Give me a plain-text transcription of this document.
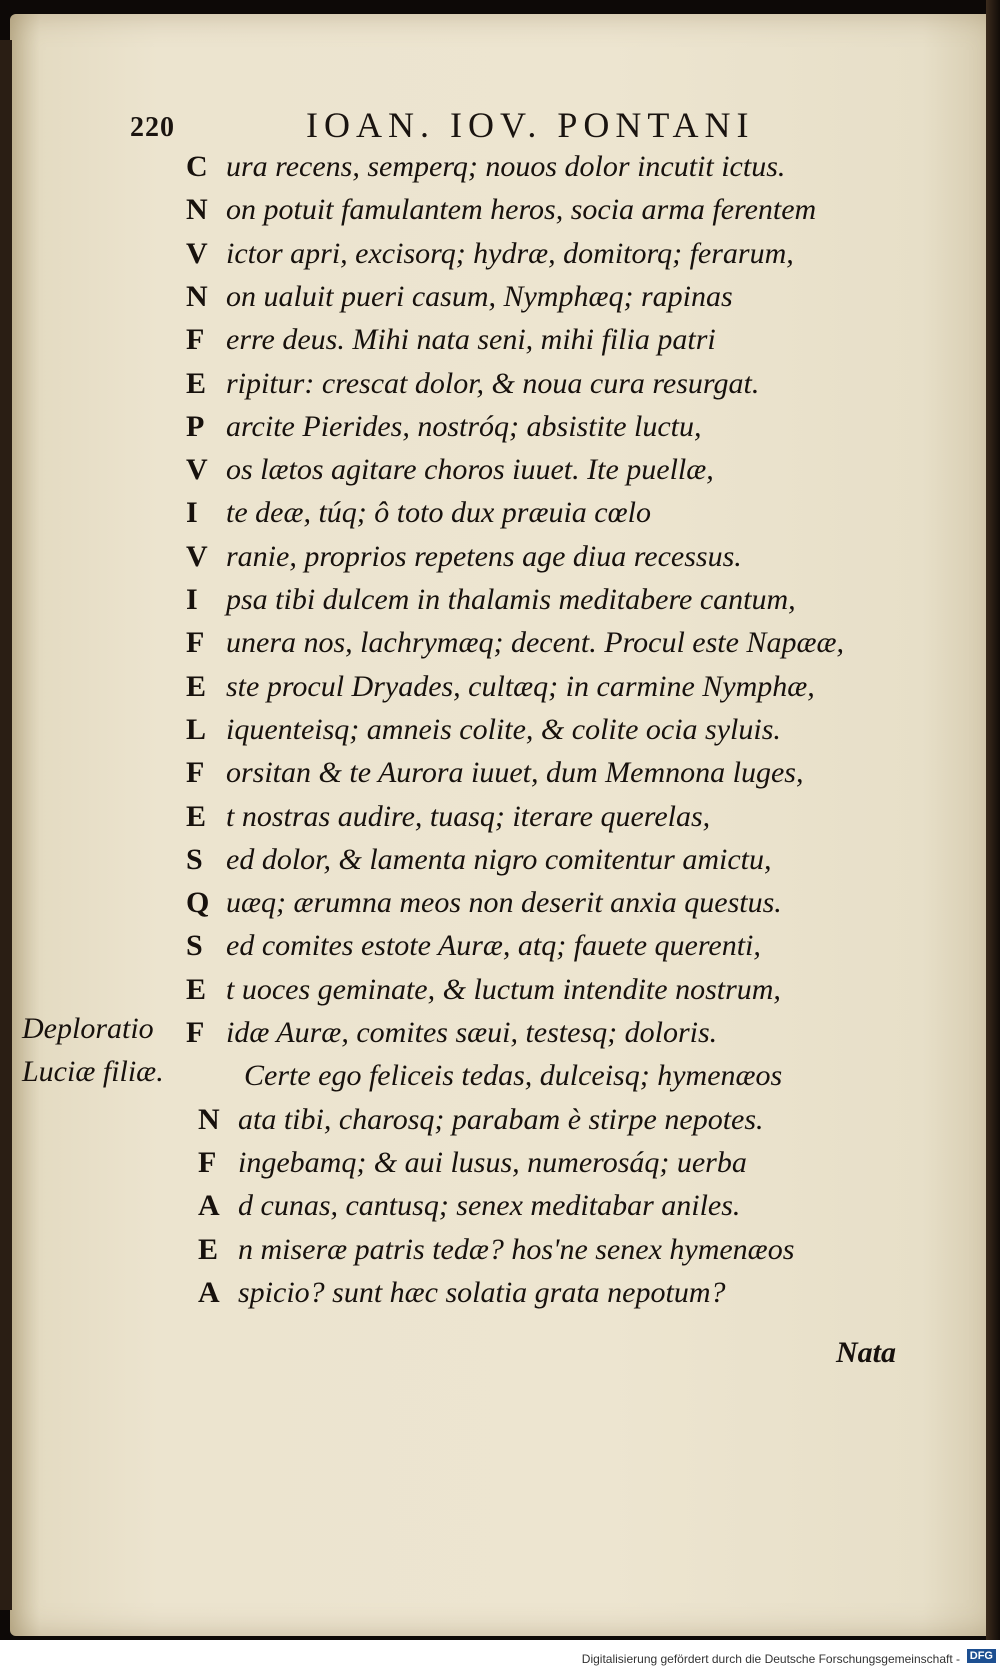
220	IOAN. IOV. PONTANI
C ura recens, semperq; nouos dolor incutit ictus.
N on potuit famulantem heros, socia arma ferentem
V ictor apri, excisorq; hydræ, domitorq; ferarum,
N on ualuit pueri casum, Nymphæq; rapinas
F erre deus. Mihi nata seni, mihi filia patri
E ripitur: crescat dolor, & noua cura resurgat.
P arcite Pierides, nostróq; absistite luctu,
V os lætos agitare choros iuuet. Ite puellæ,
I te deæ, túq; ô toto dux præuia cœlo
V ranie, proprios repetens age diua recessus.
I psa tibi dulcem in thalamis meditabere cantum,
F unera nos, lachrymæq; decent. Procul este Napææ,
E ste procul Dryades, cultæq; in carmine Nymphæ,
L iquenteisq; amneis colite, & colite ocia syluis.
F orsitan & te Aurora iuuet, dum Memnona luges,
E t nostras audire, tuasq; iterare querelas,
S ed dolor, & lamenta nigro comitentur amictu,
Q uæq; ærumna meos non deserit anxia questus.
S ed comites estote Auræ, atq; fauete querenti,
E t uoces geminate, & luctum intendite nostrum,
F idæ Auræ, comites sæui, testesq; doloris.
Certe ego feliceis tedas, dulceisq; hymenæos
N ata tibi, charosq; parabam è stirpe nepotes.
F ingebamq; & aui lusus, numerosáq; uerba
A d cunas, cantusq; senex meditabar aniles.
E n miseræ patris tedæ? hos'ne senex hymenæos
A spicio? sunt hæc solatia grata nepotum?
Deploratio
Luciæ filiæ.
Nata
Digitalisierung gefördert durch die Deutsche Forschungsgemeinschaft - DFG
